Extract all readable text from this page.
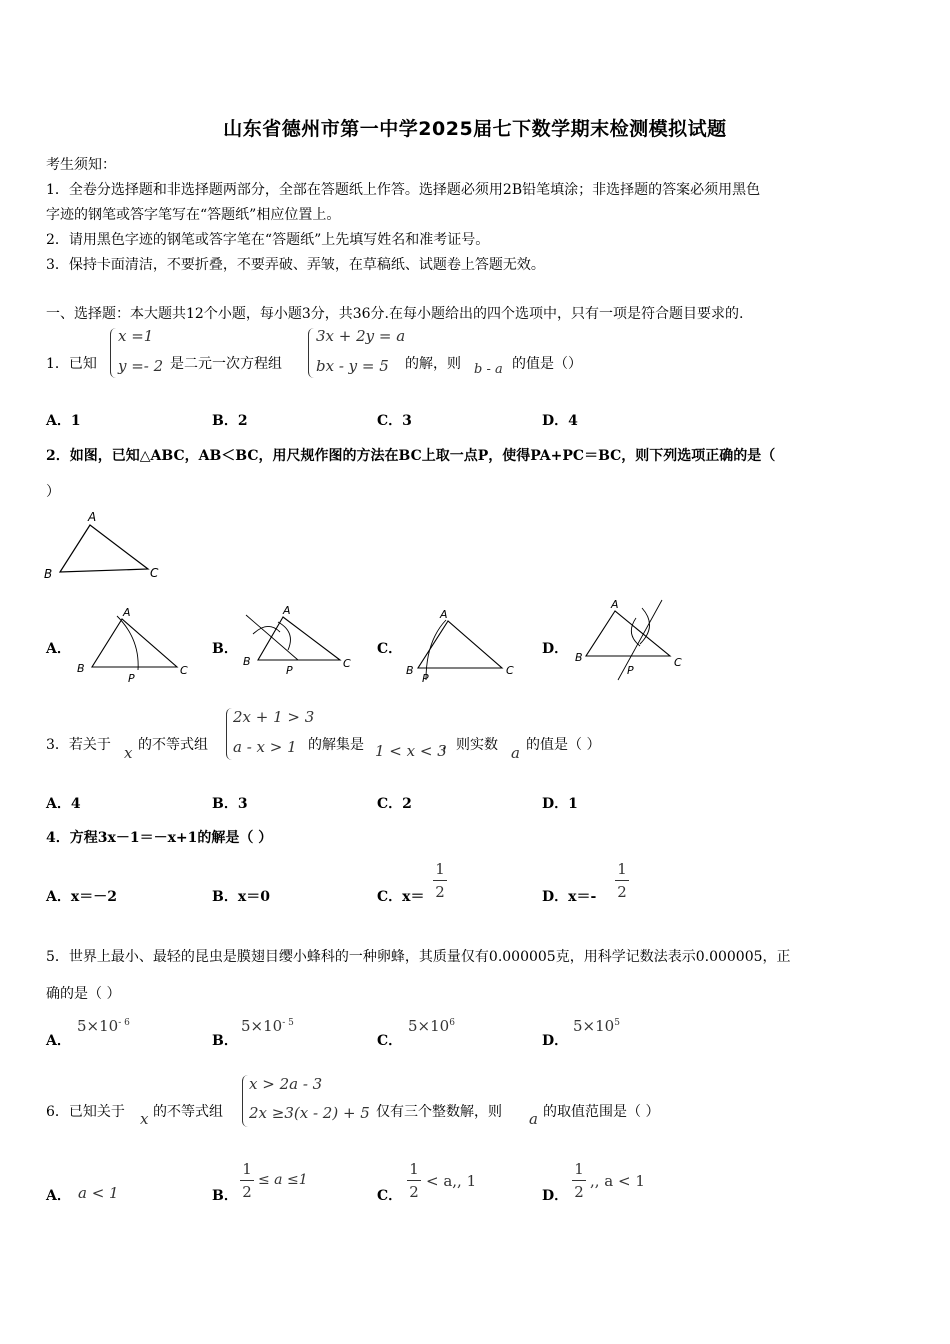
山东省德州市第一中学2025届七下数学期末检测模拟试题
考生须知：
1．全卷分选择题和非选择题两部分，全部在答题纸上作答。选择题必须用2B铅笔填涂；非选择题的答案必须用黑色
字迹的钢笔或答字笔写在“答题纸”相应位置上。
2．请用黑色字迹的钢笔或答字笔在“答题纸”上先填写姓名和准考证号。
3．保持卡面清洁，不要折叠，不要弄破、弄皱，在草稿纸、试题卷上答题无效。
一、选择题：本大题共12个小题，每小题3分，共36分.在每小题给出的四个选项中，只有一项是符合题目要求的.
1．已知
x =1
y =- 2 是二元一次方程组
3x + 2y = a
bx - y = 5 的解，则 b - a 的值是（）
A．1	B．2	C．3	D．4
2．如图，已知△ABC，AB＜BC，用尺规作图的方法在BC上取一点P，使得PA+PC＝BC，则下列选项正确的是（
）
A
B	C
A．
A
B	C
P
B．
A
B	C
P
C．
A
B	C
P
D．
A
B	C
P
3．若关于 x 的不等式组
2x + 1 > 3
a - x > 1 的解集是 1 < x < 3
，则实数 a 的值是（ ）
A．4	B．3	C．2	D．1
4．方程3x－1＝－x+1的解是（ ）
A．x＝－2	B．x＝0	C．x＝
1
2	D．x＝-
1
2
5．世界上最小、最轻的昆虫是膜翅目缨小蜂科的一种卵蜂，其质量仅有0.000005克，用科学记数法表示0.000005，正
确的是（ ）
A．
$5\times 10^{- 6}$
B．
$5\times 10^{- 5}$
C．
$5\times 10^6$
D．
$5\times 10^5$
6．已知关于 x 的不等式组
x > 2a - 3
2x ≥3(x - 2) + 5 仅有三个整数解，则 a 的取值范围是（ ）
A． a < 1	B．
1
2
≤ a ≤1
C．
1
2
< a,, 1
D．
1
2
,, a < 1
